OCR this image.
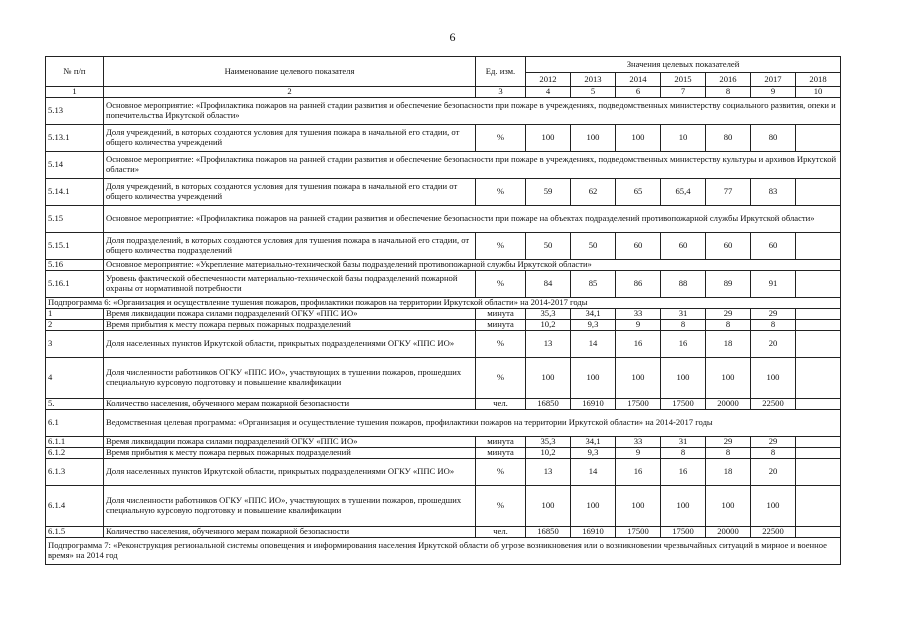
6
№ п/п	Наименование целевого показателя	Ед. изм.	Значения целевых показателей						
			2012	2013	2014	2015	2016	2017	2018
1	2	3	4	5	6	7	8	9	10
5.13	Основное мероприятие: «Профилактика пожаров на ранней стадии развития и обеспечение безопасности при пожаре в учреждениях, подведомственных министерству социального развития, опеки и попечительства Иркутской области»								
5.13.1	Доля учреждений, в которых создаются условия для тушения пожара в начальной его стадии, от общего количества учреждений	%	100	100	100	10	80	80	
5.14	Основное мероприятие: «Профилактика пожаров на ранней стадии развития и обеспечение безопасности при пожаре в учреждениях, подведомственных министерству культуры и архивов Иркутской области»								
5.14.1	Доля учреждений, в которых создаются условия для тушения пожара в начальной его стадии от общего количества учреждений	%	59	62	65	65,4	77	83	
5.15	Основное мероприятие: «Профилактика пожаров на ранней стадии развития и обеспечение безопасности при пожаре на объектах подразделений противопожарной службы Иркутской области»								
5.15.1	Доля подразделений, в которых создаются условия для тушения пожара в начальной его стадии, от общего количества подразделений	%	50	50	60	60	60	60	
5.16	Основное мероприятие: «Укрепление материально-технической базы подразделений противопожарной службы Иркутской области»								
5.16.1	Уровень фактической обеспеченности материально-технической базы подразделений пожарной охраны от нормативной потребности	%	84	85	86	88	89	91	
Подпрограмма 6: «Организация и осуществление тушения пожаров, профилактики пожаров на территории Иркутской области» на 2014-2017 годы									
1	Время ликвидации пожара силами подразделений ОГКУ «ППС ИО»	минута	35,3	34,1	33	31	29	29	
2	Время прибытия к месту пожара первых пожарных подразделений	минута	10,2	9,3	9	8	8	8	
3	Доля населенных пунктов Иркутской области, прикрытых подразделениями ОГКУ «ППС ИО»	%	13	14	16	16	18	20	
4	Доля численности работников ОГКУ «ППС ИО», участвующих в тушении пожаров, прошедших специальную курсовую подготовку и повышение квалификации	%	100	100	100	100	100	100	
5.	Количество населения, обученного мерам пожарной безопасности	чел.	16850	16910	17500	17500	20000	22500	
6.1	Ведомственная целевая программа: «Организация и осуществление тушения пожаров, профилактики пожаров на территории Иркутской области» на 2014-2017 годы								
6.1.1	Время ликвидации пожара силами подразделений ОГКУ «ППС ИО»	минута	35,3	34,1	33	31	29	29	
6.1.2	Время прибытия к месту пожара первых пожарных подразделений	минута	10,2	9,3	9	8	8	8	
6.1.3	Доля населенных пунктов Иркутской области, прикрытых подразделениями ОГКУ «ППС ИО»	%	13	14	16	16	18	20	
6.1.4	Доля численности работников ОГКУ «ППС ИО», участвующих в тушении пожаров, прошедших специальную курсовую подготовку и повышение квалификации	%	100	100	100	100	100	100	
6.1.5	Количество населения, обученного мерам пожарной безопасности	чел.	16850	16910	17500	17500	20000	22500	
Подпрограмма 7: «Реконструкция региональной системы оповещения и информирования населения Иркутской области об угрозе возникновения или о возникновении чрезвычайных ситуаций в мирное и военное время» на 2014 год									
